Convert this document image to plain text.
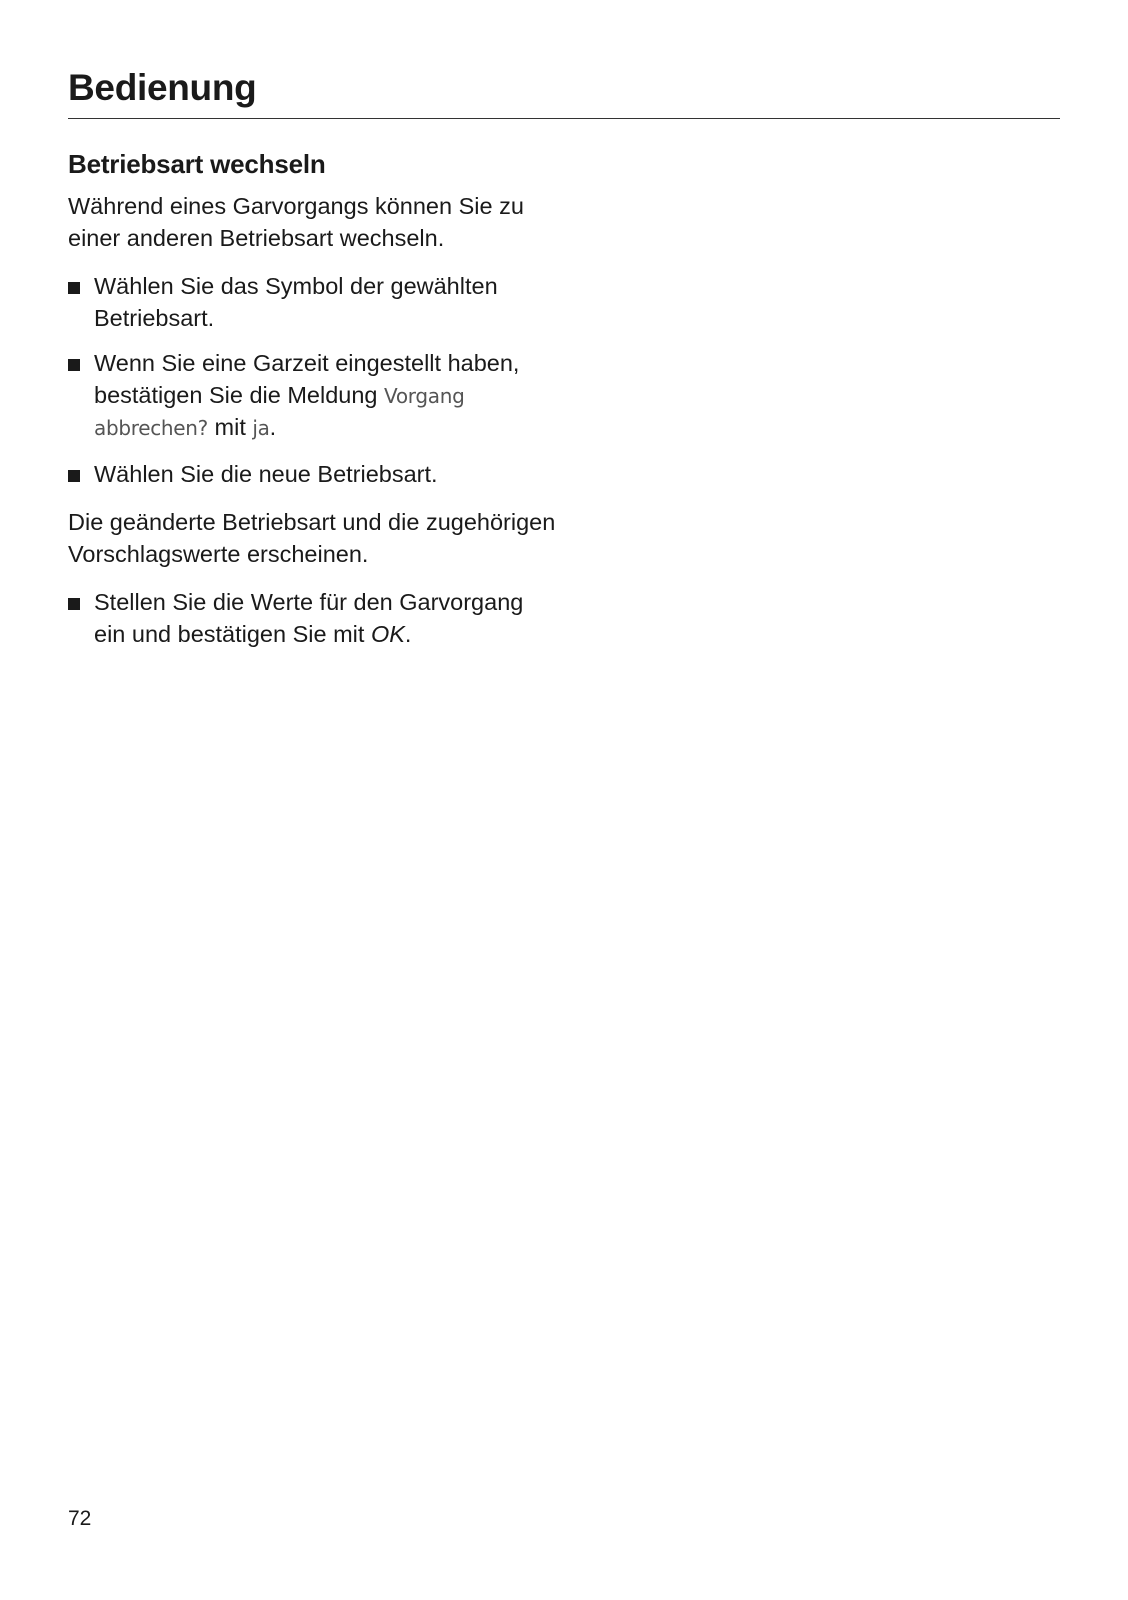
Bedienung
Betriebsart wechseln

Während eines Garvorgangs können Sie zu einer anderen Betriebsart wechseln.

Wählen Sie das Symbol der gewählten Betriebsart.
Wenn Sie eine Garzeit eingestellt haben, bestätigen Sie die Meldung Vorgang abbrechen? mit ja.
Wählen Sie die neue Betriebsart.

Die geänderte Betriebsart und die zugehörigen Vorschlagswerte erscheinen.

Stellen Sie die Werte für den Garvorgang ein und bestätigen Sie mit OK.
72
